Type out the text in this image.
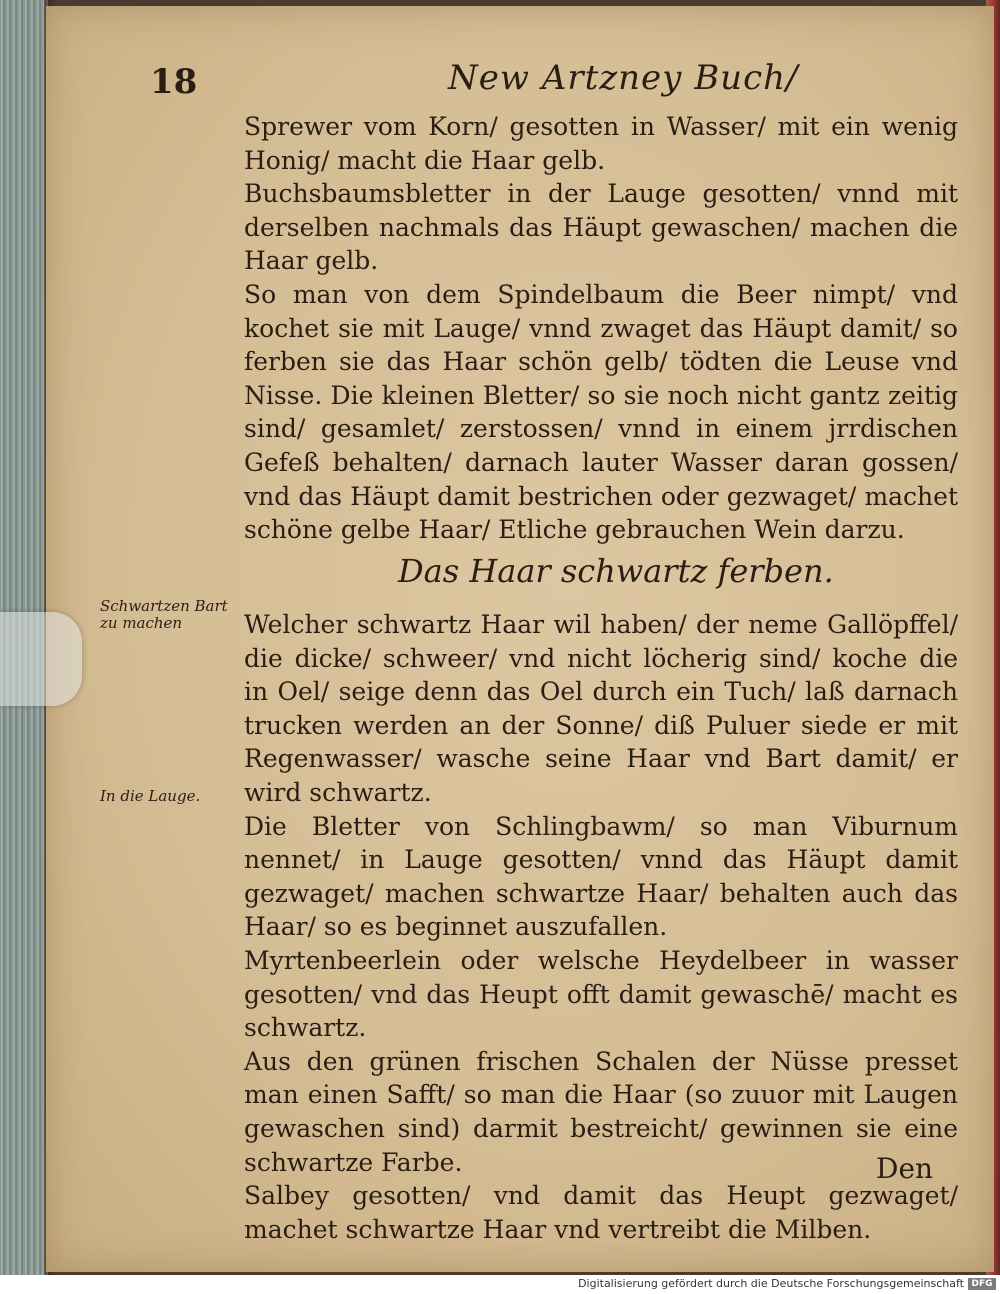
18	New Artzney Buch/

Sprewer vom Korn/ gesotten in Wasser/ mit ein wenig Honig/ macht die Haar gelb.

Buchsbaumsbletter in der Lauge gesotten/ vnnd mit derselben nachmals das Häupt gewaschen/ machen die Haar gelb.

So man von dem Spindelbaum die Beer nimpt/ vnd kochet sie mit Lauge/ vnnd zwaget das Häupt damit/ so ferben sie das Haar schön gelb/ tödten die Leuse vnd Nisse. Die kleinen Bletter/ so sie noch nicht gantz zeitig sind/ gesamlet/ zerstossen/ vnnd in einem jrrdischen Gefeß behalten/ darnach lauter Wasser daran gossen/ vnd das Häupt damit bestrichen oder gezwaget/ machet schöne gelbe Haar/ Etliche gebrauchen Wein darzu.

Das Haar schwartz ferben.

Schwartzen Bart zu machen

In die Lauge.

Welcher schwartz Haar wil haben/ der neme Gallöpffel/ die dicke/ schweer/ vnd nicht löcherig sind/ koche die in Oel/ seige denn das Oel durch ein Tuch/ laß darnach trucken werden an der Sonne/ diß Puluer siede er mit Regenwasser/ wasche seine Haar vnd Bart damit/ er wird schwartz.

Die Bletter von Schlingbawm/ so man Viburnum nennet/ in Lauge gesotten/ vnnd das Häupt damit gezwaget/ machen schwartze Haar/ behalten auch das Haar/ so es beginnet auszufallen.

Myrtenbeerlein oder welsche Heydelbeer in wasser gesotten/ vnd das Heupt offt damit gewaschē/ macht es schwartz.

Aus den grünen frischen Schalen der Nüsse presset man einen Safft/ so man die Haar (so zuuor mit Laugen gewaschen sind) darmit bestreicht/ gewinnen sie eine schwartze Farbe.

Salbey gesotten/ vnd damit das Heupt gezwaget/ machet schwartze Haar vnd vertreibt die Milben.

Den

Digitalisierung gefördert durch die Deutsche Forschungsgemeinschaft DFG
